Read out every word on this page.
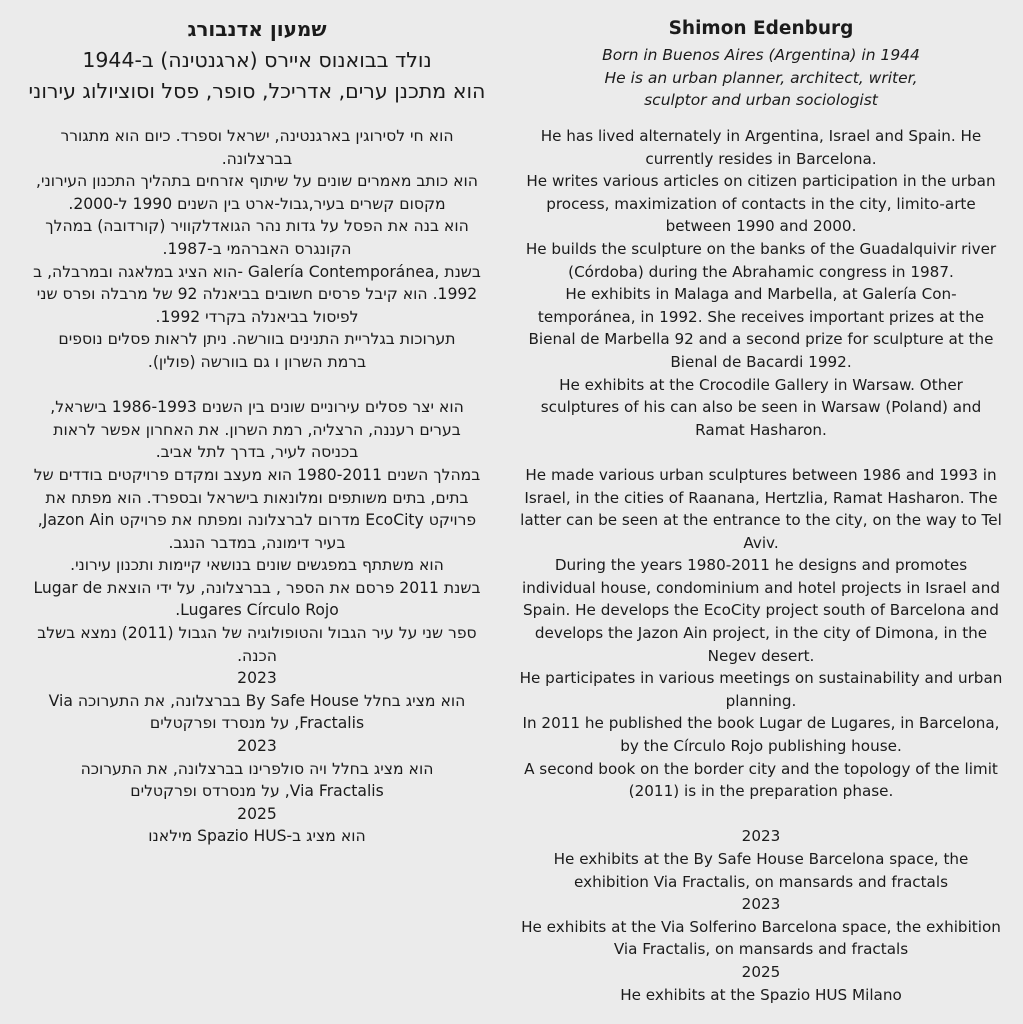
שמעון אדנבורג
נולד בבואנוס איירס (ארגנטינה) ב-1944
הוא מתכנן ערים, אדריכל, סופר, פסל וסוציולוג עירוני
הוא חי לסירוגין בארגנטינה, ישראל וספרד. כיום הוא מתגורר
בברצלונה.
הוא כותב מאמרים שונים על שיתוף אזרחים בתהליך התכנון העירוני,
מקסום קשרים בעיר,גבול-ארט בין השנים 1990 ל-2000.
הוא בנה את הפסל על גדות נהר הגואדלקוויר (קורדובה) במהלך
הקונגרס האברהמי ב-1987.
בשנת ,Galería Contemporánea -הוא הציג במלאגה ובמרבלה, ב
1992. הוא קיבל פרסים חשובים בביאנלה 92 של מרבלה ופרס שני
לפיסול בביאנלה בקרדי 1992.
תערוכות בגלריית התנינים בוורשה. ניתן לראות פסלים נוספים
ברמת השרון ו גם בוורשה (פולין).
הוא יצר פסלים עירוניים שונים בין השנים 1986-1993 בישראל,
בערים רעננה, הרצליה, רמת השרון. את האחרון אפשר לראות
בכניסה לעיר, בדרך לתל אביב.
במהלך השנים 1980-2011 הוא מעצב ומקדם פרויקטים בודדים של
בתים, בתים משותפים ומלונאות בישראל ובספרד. הוא מפתח את
פרויקט EcoCity מדרום לברצלונה ומפתח את פרויקט Jazon Ain,
בעיר דימונה, במדבר הנגב.
הוא משתתף במפגשים שונים בנושאי קיימות ותכנון עירוני.
בשנת 2011 פרסם את הספר , בברצלונה, על ידי הוצאת Lugar de
Lugares Círculo Rojo.
ספר שני על עיר הגבול והטופולוגיה של הגבול (2011) נמצא בשלב
הכנה.
2023
הוא מציג בחלל By Safe House בברצלונה, את התערוכה Via
Fractalis, על מנסרד ופרקטלים
2023
הוא מציג בחלל ויה סולפרינו בברצלונה, את התערוכה
Via Fractalis, על מנסרדס ופרקטלים
2025
הוא מציג ב-Spazio HUS מילאנו
Shimon Edenburg
Born in Buenos Aires (Argentina) in 1944
He is an urban planner, architect, writer,
sculptor and urban sociologist
He has lived alternately in Argentina, Israel and Spain. He
currently resides in Barcelona.
He writes various articles on citizen participation in the urban
process, maximization of contacts in the city, limito-arte
between 1990 and 2000.
He builds the sculpture on the banks of the Guadalquivir river
(Córdoba) during the Abrahamic congress in 1987.
He exhibits in Malaga and Marbella, at Galería Con-
temporánea, in 1992. She receives important prizes at the
Bienal de Marbella 92 and a second prize for sculpture at the
Bienal de Bacardi 1992.
He exhibits at the Crocodile Gallery in Warsaw. Other
sculptures of his can also be seen in Warsaw (Poland) and
Ramat Hasharon.
He made various urban sculptures between 1986 and 1993 in
Israel, in the cities of Raanana, Hertzlia, Ramat Hasharon. The
latter can be seen at the entrance to the city, on the way to Tel
Aviv.
During the years 1980-2011 he designs and promotes
individual house, condominium and hotel projects in Israel and
Spain. He develops the EcoCity project south of Barcelona and
develops the Jazon Ain project, in the city of Dimona, in the
Negev desert.
He participates in various meetings on sustainability and urban
planning.
In 2011 he published the book Lugar de Lugares, in Barcelona,
by the Círculo Rojo publishing house.
A second book on the border city and the topology of the limit
(2011) is in the preparation phase.
2023
He exhibits at the By Safe House Barcelona space, the
exhibition Via Fractalis, on mansards and fractals
2023
He exhibits at the Via Solferino Barcelona space, the exhibition
Via Fractalis, on mansards and fractals
2025
He exhibits at the Spazio HUS Milano
